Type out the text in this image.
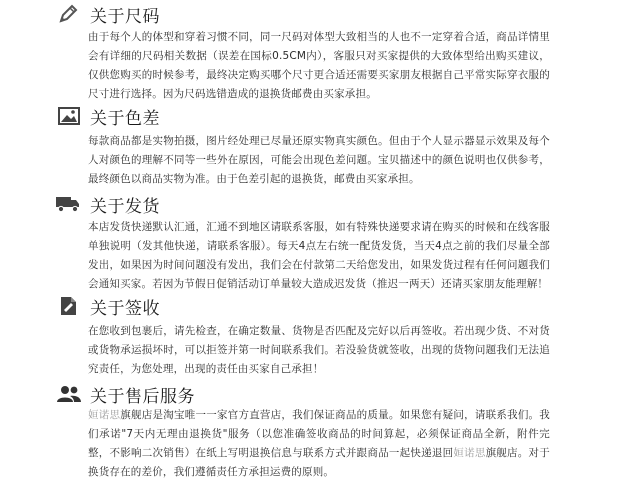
关于尺码
由于每个人的体型和穿着习惯不同，同一尺码对体型大致相当的人也不一定穿着合适，商品详情里会有详细的尺码相关数据（误差在国标0.5CM内），客服只对买家提供的大致体型给出购买建议，仅供您购买的时候参考，最终决定购买哪个尺寸更合适还需要买家朋友根据自己平常实际穿衣服的尺寸进行选择。因为尺码选错造成的退换货邮费由买家承担。
关于色差
每款商品都是实物拍摄，图片经处理已尽量还原实物真实颜色。但由于个人显示器显示效果及每个人对颜色的理解不同等一些外在原因，可能会出现色差问题。宝贝描述中的颜色说明也仅供参考，最终颜色以商品实物为准。由于色差引起的退换货，邮费由买家承担。
关于发货
本店发货快递默认汇通，汇通不到地区请联系客服，如有特殊快递要求请在购买的时候和在线客服单独说明（发其他快递，请联系客服）。每天4点左右统一配货发货，当天4点之前的我们尽量全部发出，如果因为时间问题没有发出，我们会在付款第二天给您发出，如果发货过程有任何问题我们会通知买家。若因为节假日促销活动订单量较大造成迟发货（推迟一两天）还请买家朋友能理解！
关于签收
在您收到包裹后，请先检查，在确定数量、货物是否匹配及完好以后再签收。若出现少货、不对货或货物承运损坏时，可以拒签并第一时间联系我们。若没验货就签收，出现的货物问题我们无法追究责任，为您处理，出现的责任由买家自己承担！
关于售后服务
姮诺思旗舰店是淘宝唯一一家官方直营店，我们保证商品的质量。如果您有疑问，请联系我们。我们承诺"7天内无理由退换货"服务（以您准确签收商品的时间算起，必须保证商品全新，附件完整，不影响二次销售）在纸上写明退换信息与联系方式并跟商品一起快递退回姮诺思旗舰店。对于换货存在的差价，我们遵循责任方承担运费的原则。
